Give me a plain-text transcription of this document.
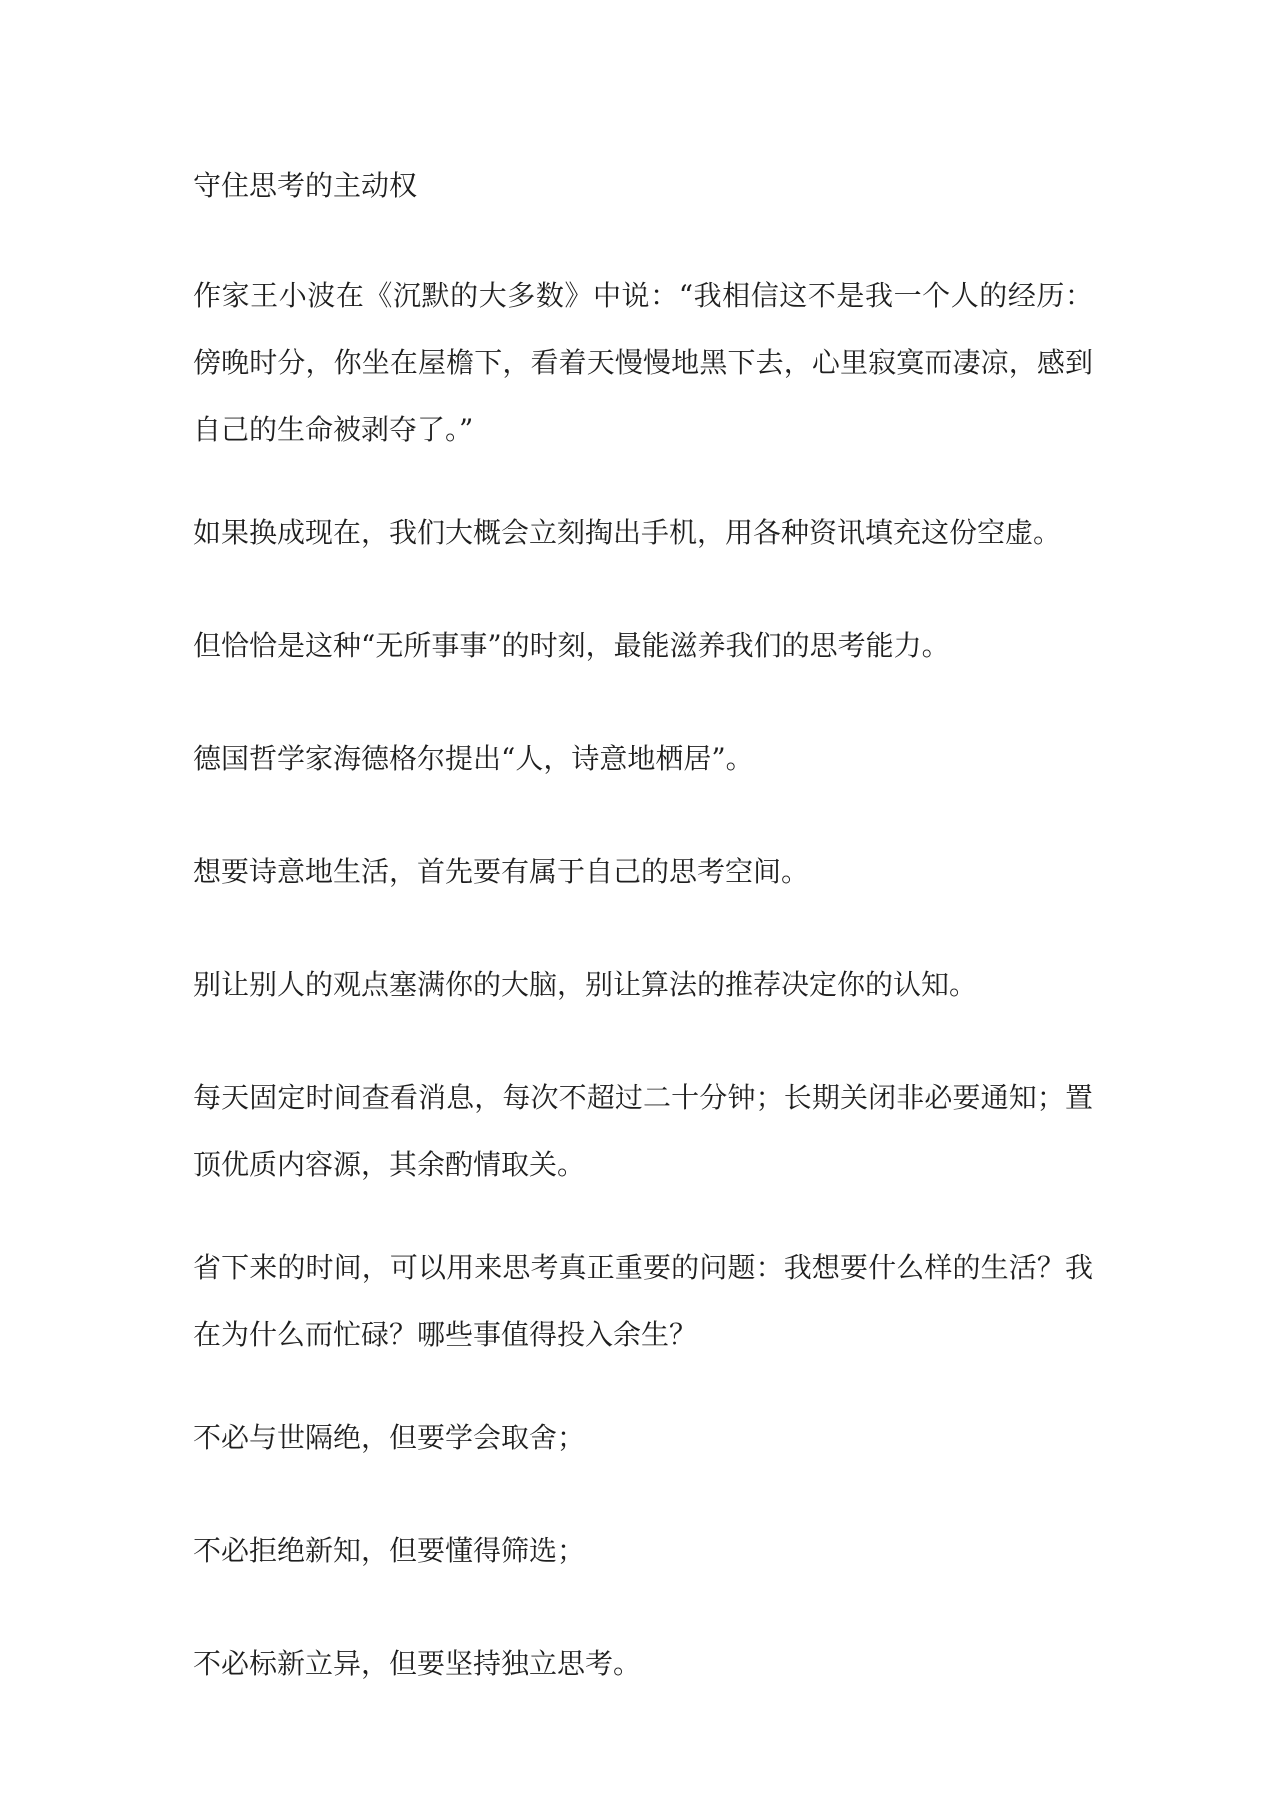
守住思考的主动权

作家王小波在《沉默的大多数》中说：“我相信这不是我一个人的经历：傍晚时分，你坐在屋檐下，看着天慢慢地黑下去，心里寂寞而凄凉，感到自己的生命被剥夺了。”

如果换成现在，我们大概会立刻掏出手机，用各种资讯填充这份空虚。

但恰恰是这种“无所事事”的时刻，最能滋养我们的思考能力。

德国哲学家海德格尔提出“人，诗意地栖居”。

想要诗意地生活，首先要有属于自己的思考空间。

别让别人的观点塞满你的大脑，别让算法的推荐决定你的认知。

每天固定时间查看消息，每次不超过二十分钟；长期关闭非必要通知；置顶优质内容源，其余酌情取关。

省下来的时间，可以用来思考真正重要的问题：我想要什么样的生活？我在为什么而忙碌？哪些事值得投入余生？

不必与世隔绝，但要学会取舍；

不必拒绝新知，但要懂得筛选；

不必标新立异，但要坚持独立思考。
